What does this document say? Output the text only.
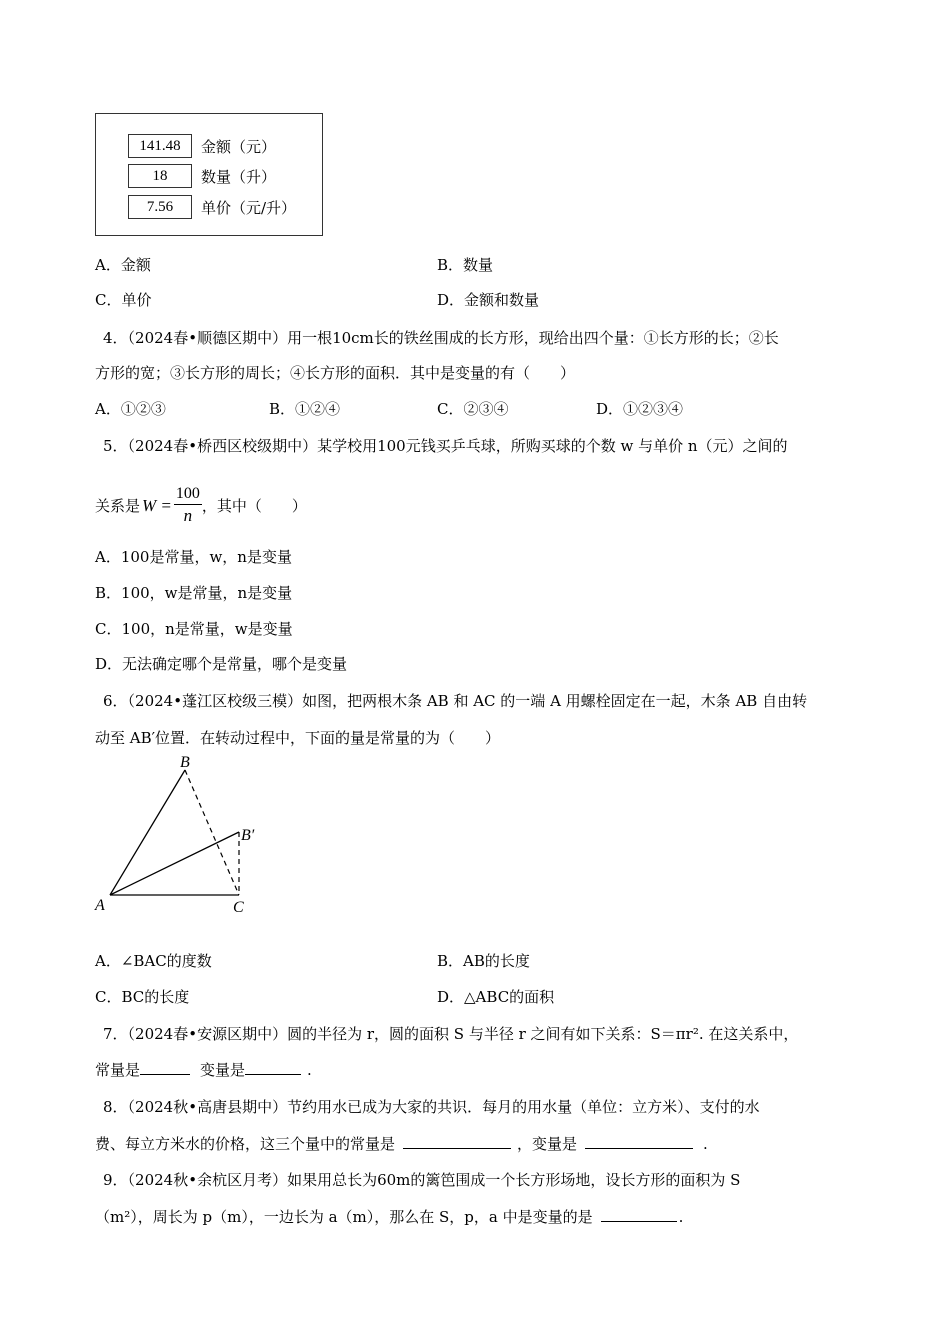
141.48	金额（元）
18	数量（升）
7.56	单价（元/升）
A．金额	B．数量
C．单价	D．金额和数量
4．（2024春•顺德区期中）用一根10cm长的铁丝围成的长方形，现给出四个量：①长方形的长；②长
方形的宽；③长方形的周长；④长方形的面积．其中是变量的有（　　）
A．①②③	B．①②④	C．②③④	D．①②③④
5．（2024春•桥西区校级期中）某学校用100元钱买乒乓球，所购买球的个数 w 与单价 n（元）之间的
关系是 $W = \frac{100}{n}$ ，其中（　　）
A．100是常量，w，n是变量
B．100，w是常量，n是变量
C．100，n是常量，w是变量
D．无法确定哪个是常量，哪个是变量
6．（2024•蓬江区校级三模）如图，把两根木条 AB 和 AC 的一端 A 用螺栓固定在一起，木条 AB 自由转
动至 AB′位置．在转动过程中，下面的量是常量的为（　　）
A
B
B′
C
A．∠BAC的度数	B．AB的长度
C．BC的长度	D．△ABC的面积
7．（2024春•安源区期中）圆的半径为 r，圆的面积 S 与半径 r 之间有如下关系：S＝πr². 在这关系中，
常量是	变量是	.
8．（2024秋•高唐县期中）节约用水已成为大家的共识．每月的用水量（单位：立方米）、支付的水
费、每立方米水的价格，这三个量中的常量是	，变量是	.
9．（2024秋•余杭区月考）如果用总长为60m的篱笆围成一个长方形场地，设长方形的面积为 S
（m²），周长为 p（m），一边长为 a（m），那么在 S，p，a 中是变量的是	.
